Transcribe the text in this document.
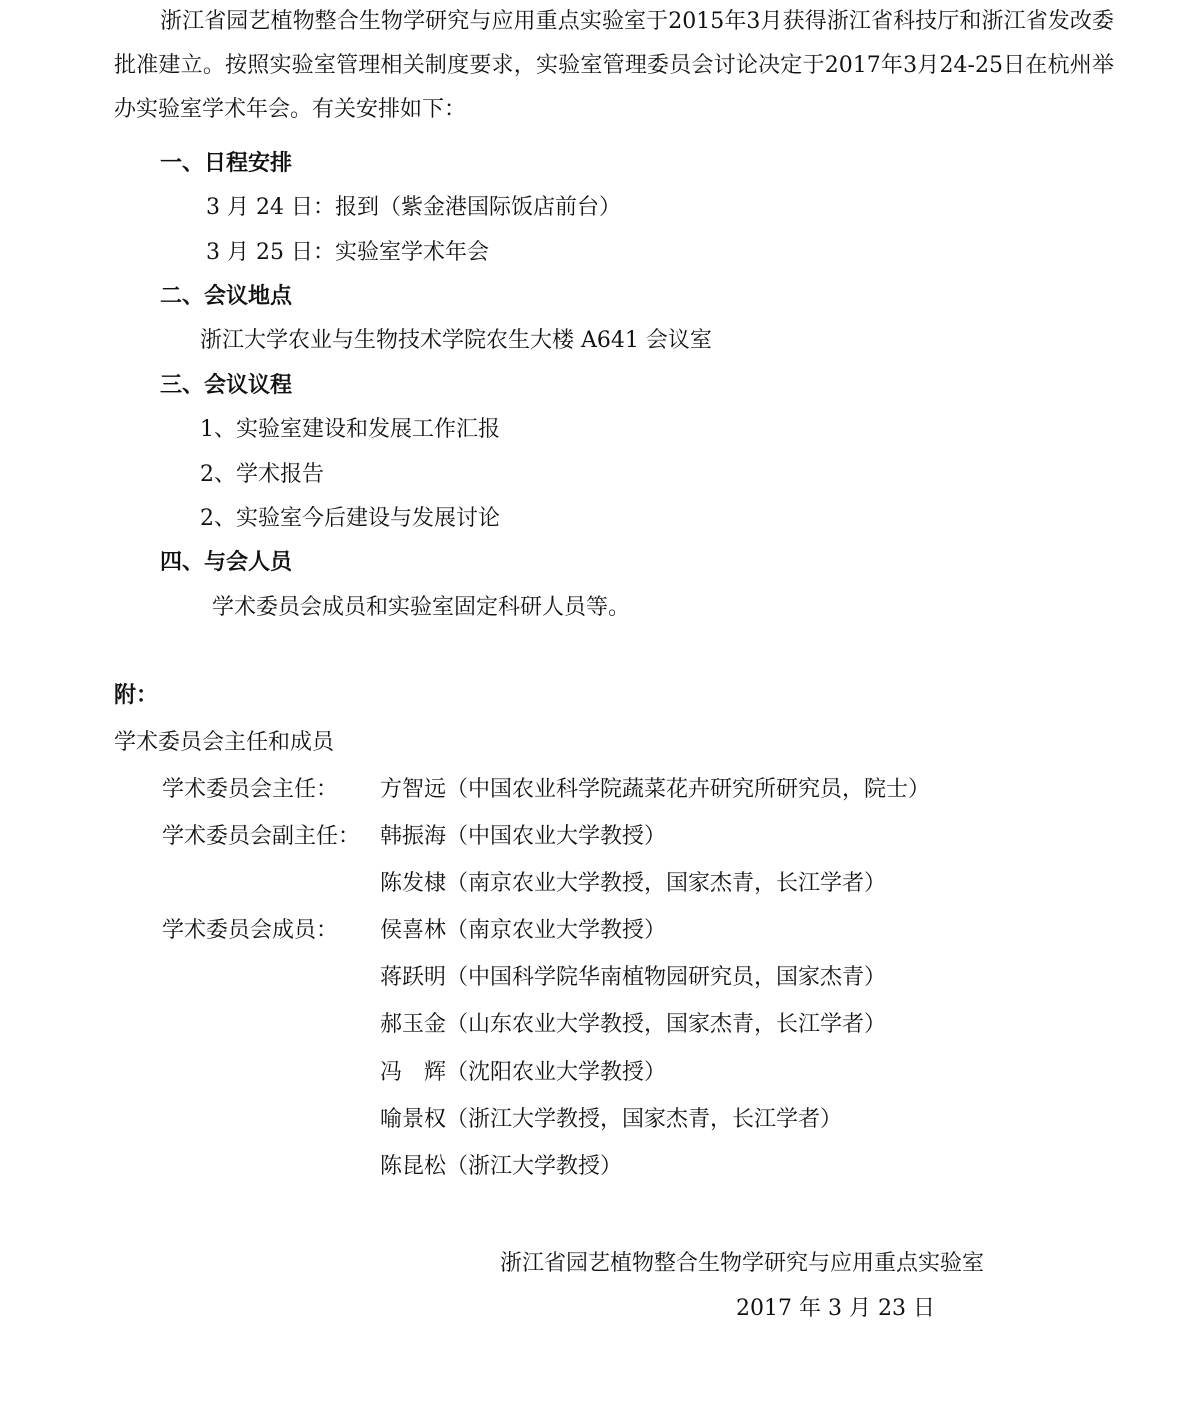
浙江省园艺植物整合生物学研究与应用重点实验室于2015年3月获得浙江省科技厅和浙江省发改委批准建立。按照实验室管理相关制度要求，实验室管理委员会讨论决定于2017年3月24-25日在杭州举办实验室学术年会。有关安排如下：

一、日程安排
3 月 24 日：报到（紫金港国际饭店前台）
3 月 25 日：实验室学术年会
二、会议地点
浙江大学农业与生物技术学院农生大楼 A641 会议室
三、会议议程
1、实验室建设和发展工作汇报
2、学术报告
2、实验室今后建设与发展讨论
四、与会人员
学术委员会成员和实验室固定科研人员等。
附：
学术委员会主任和成员
学术委员会主任： 方智远（中国农业科学院蔬菜花卉研究所研究员，院士）
学术委员会副主任： 韩振海（中国农业大学教授）
陈发棣（南京农业大学教授，国家杰青，长江学者）
学术委员会成员： 侯喜林（南京农业大学教授）
蒋跃明（中国科学院华南植物园研究员，国家杰青）
郝玉金（山东农业大学教授，国家杰青，长江学者）
冯　辉（沈阳农业大学教授）
喻景权（浙江大学教授，国家杰青，长江学者）
陈昆松（浙江大学教授）
浙江省园艺植物整合生物学研究与应用重点实验室
2017 年 3 月 23 日
